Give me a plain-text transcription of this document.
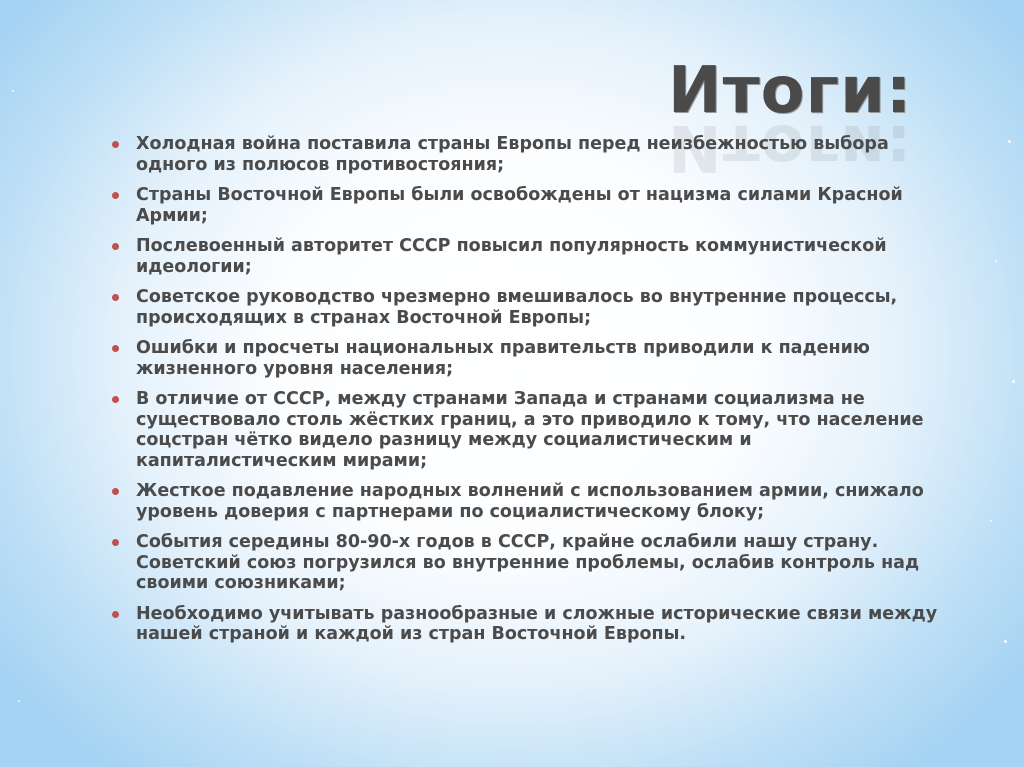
Итоги:
Итоги:
Холодная война поставила страны Европы перед неизбежностью выбора одного из полюсов противостояния;
Страны Восточной Европы были освобождены от нацизма силами Красной Армии;
Послевоенный авторитет СССР повысил популярность коммунистической идеологии;
Советское руководство чрезмерно вмешивалось во внутренние процессы, происходящих в странах Восточной Европы;
Ошибки и просчеты национальных правительств приводили к падению жизненного уровня населения;
В отличие от СССР, между странами Запада и странами социализма не существовало столь жёстких границ, а это приводило к тому, что население соцстран чётко видело разницу между социалистическим и капиталистическим мирами;
Жесткое подавление народных волнений с использованием армии, снижало уровень доверия с партнерами по социалистическому блоку;
События середины 80-90-х годов в СССР, крайне ослабили нашу страну. Советский союз погрузился во внутренние проблемы, ослабив контроль над своими союзниками;
Необходимо учитывать разнообразные и сложные исторические связи между нашей страной и каждой из стран Восточной Европы.
